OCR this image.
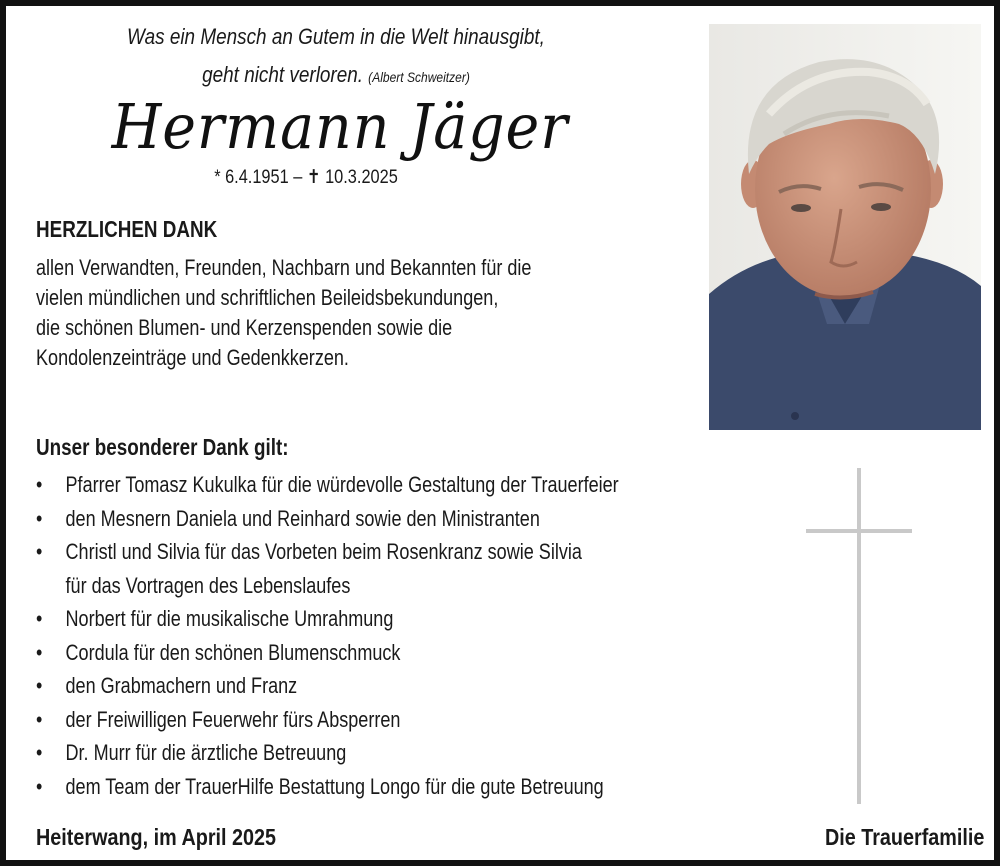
Was ein Mensch an Gutem in die Welt hinausgibt,
geht nicht verloren. (Albert Schweitzer)
Hermann Jäger
* 6.4.1951 – ✝ 10.3.2025
HERZLICHEN DANK
allen Verwandten, Freunden, Nachbarn und Bekannten für die
vielen mündlichen und schriftlichen Beileidsbekundungen,
die schönen Blumen- und Kerzenspenden sowie die
Kondolenzeinträge und Gedenkkerzen.
Unser besonderer Dank gilt:
• Pfarrer Tomasz Kukulka für die würdevolle Gestaltung der Trauerfeier
• den Mesnern Daniela und Reinhard sowie den Ministranten
• Christl und Silvia für das Vorbeten beim Rosenkranz sowie Silvia
für das Vortragen des Lebenslaufes
• Norbert für die musikalische Umrahmung
• Cordula für den schönen Blumenschmuck
• den Grabmachern und Franz
• der Freiwilligen Feuerwehr fürs Absperren
• Dr. Murr für die ärztliche Betreuung
• dem Team der TrauerHilfe Bestattung Longo für die gute Betreuung
Heiterwang, im April 2025	Die Trauerfamilie
